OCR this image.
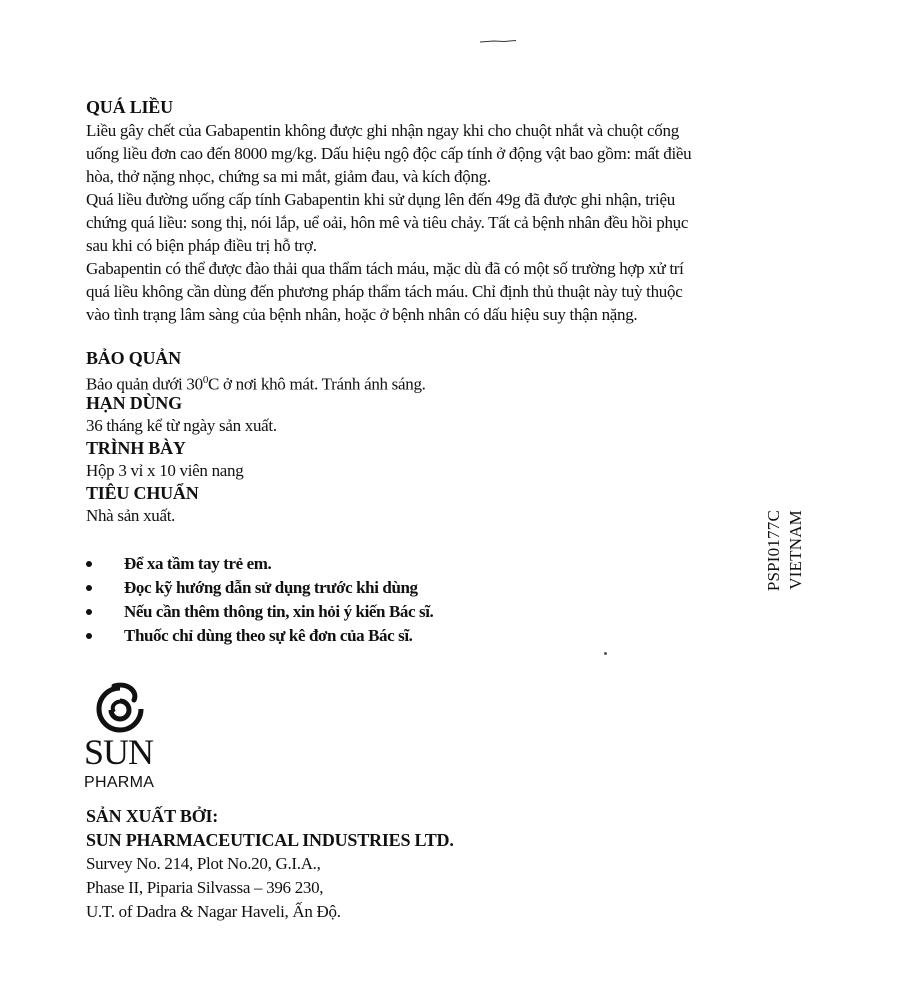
QUÁ LIỀU
Liều gây chết của Gabapentin không được ghi nhận ngay khi cho chuột nhắt và chuột cống
uống liều đơn cao đến 8000 mg/kg. Dấu hiệu ngộ độc cấp tính ở động vật bao gồm: mất điều
hòa, thở nặng nhọc, chứng sa mi mắt, giảm đau, và kích động.
Quá liều đường uống cấp tính Gabapentin khi sử dụng lên đến 49g đã được ghi nhận, triệu
chứng quá liều: song thị, nói lắp, uể oải, hôn mê và tiêu chảy. Tất cả bệnh nhân đều hồi phục
sau khi có biện pháp điều trị hỗ trợ.
Gabapentin có thể được đào thải qua thẩm tách máu, mặc dù đã có một số trường hợp xử trí
quá liều không cần dùng đến phương pháp thẩm tách máu. Chỉ định thủ thuật này tuỳ thuộc
vào tình trạng lâm sàng của bệnh nhân, hoặc ở bệnh nhân có dấu hiệu suy thận nặng.
BẢO QUẢN
Bảo quản dưới $30^0C$ ở nơi khô mát. Tránh ánh sáng.
HẠN DÙNG
36 tháng kể từ ngày sản xuất.
TRÌNH BÀY
Hộp 3 vỉ x 10 viên nang
TIÊU CHUẨN
Nhà sản xuất.
Để xa tầm tay trẻ em.
Đọc kỹ hướng dẫn sử dụng trước khi dùng
Nếu cần thêm thông tin, xin hỏi ý kiến Bác sĩ.
Thuốc chỉ dùng theo sự kê đơn của Bác sĩ.
PSPI0177C VIETNAM
SUN
PHARMA
SẢN XUẤT BỞI:
SUN PHARMACEUTICAL INDUSTRIES LTD.
Survey No. 214, Plot No.20, G.I.A.,
Phase II, Piparia Silvassa – 396 230,
U.T. of Dadra & Nagar Haveli, Ấn Độ.
